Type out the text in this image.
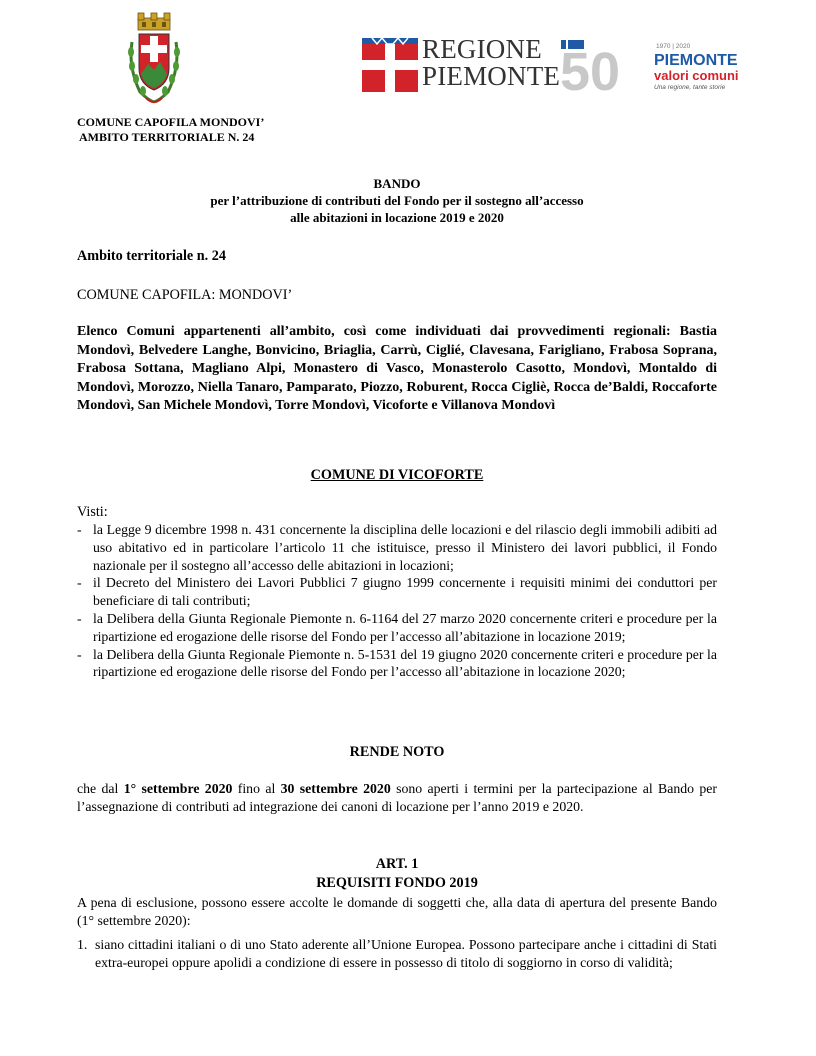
REGIONE
PIEMONTE 50	1970 | 2020
PIEMONTE
valori comuni
Una regione, tante storie
COMUNE CAPOFILA MONDOVI’
AMBITO TERRITORIALE N. 24
BANDO
per l’attribuzione di contributi del Fondo per il sostegno all’accesso
alle abitazioni in locazione 2019 e 2020
Ambito territoriale n. 24
COMUNE CAPOFILA: MONDOVI’
Elenco Comuni appartenenti all’ambito, così come individuati dai provvedimenti regionali: Bastia Mondovì, Belvedere Langhe, Bonvicino, Briaglia, Carrù, Ciglié, Clavesana, Farigliano, Frabosa Soprana, Frabosa Sottana, Magliano Alpi, Monastero di Vasco, Monasterolo Casotto, Mondovì, Montaldo di Mondovì, Morozzo, Niella Tanaro, Pamparato, Piozzo, Roburent, Rocca Cigliè, Rocca de’Baldi, Roccaforte Mondovì, San Michele Mondovì, Torre Mondovì, Vicoforte e Villanova Mondovì
COMUNE DI VICOFORTE
Visti:
- la Legge 9 dicembre 1998 n. 431 concernente la disciplina delle locazioni e del rilascio degli immobili adibiti ad uso abitativo ed in particolare l’articolo 11 che istituisce, presso il Ministero dei lavori pubblici, il Fondo nazionale per il sostegno all’accesso delle abitazioni in locazioni;
- il Decreto del Ministero dei Lavori Pubblici 7 giugno 1999 concernente i requisiti minimi dei conduttori per beneficiare di tali contributi;
- la Delibera della Giunta Regionale Piemonte n. 6-1164 del 27 marzo 2020 concernente criteri e procedure per la ripartizione ed erogazione delle risorse del Fondo per l’accesso all’abitazione in locazione 2019;
- la Delibera della Giunta Regionale Piemonte n. 5-1531 del 19 giugno 2020 concernente criteri e procedure per la ripartizione ed erogazione delle risorse del Fondo per l’accesso all’abitazione in locazione 2020;
RENDE NOTO
che dal 1° settembre 2020 fino al 30 settembre 2020 sono aperti i termini per la partecipazione al Bando per l’assegnazione di contributi ad integrazione dei canoni di locazione per l’anno 2019 e 2020.
ART. 1
REQUISITI FONDO 2019
A pena di esclusione, possono essere accolte le domande di soggetti che, alla data di apertura del presente Bando (1° settembre 2020):
1. siano cittadini italiani o di uno Stato aderente all’Unione Europea. Possono partecipare anche i cittadini di Stati extra-europei oppure apolidi a condizione di essere in possesso di titolo di soggiorno in corso di validità;
